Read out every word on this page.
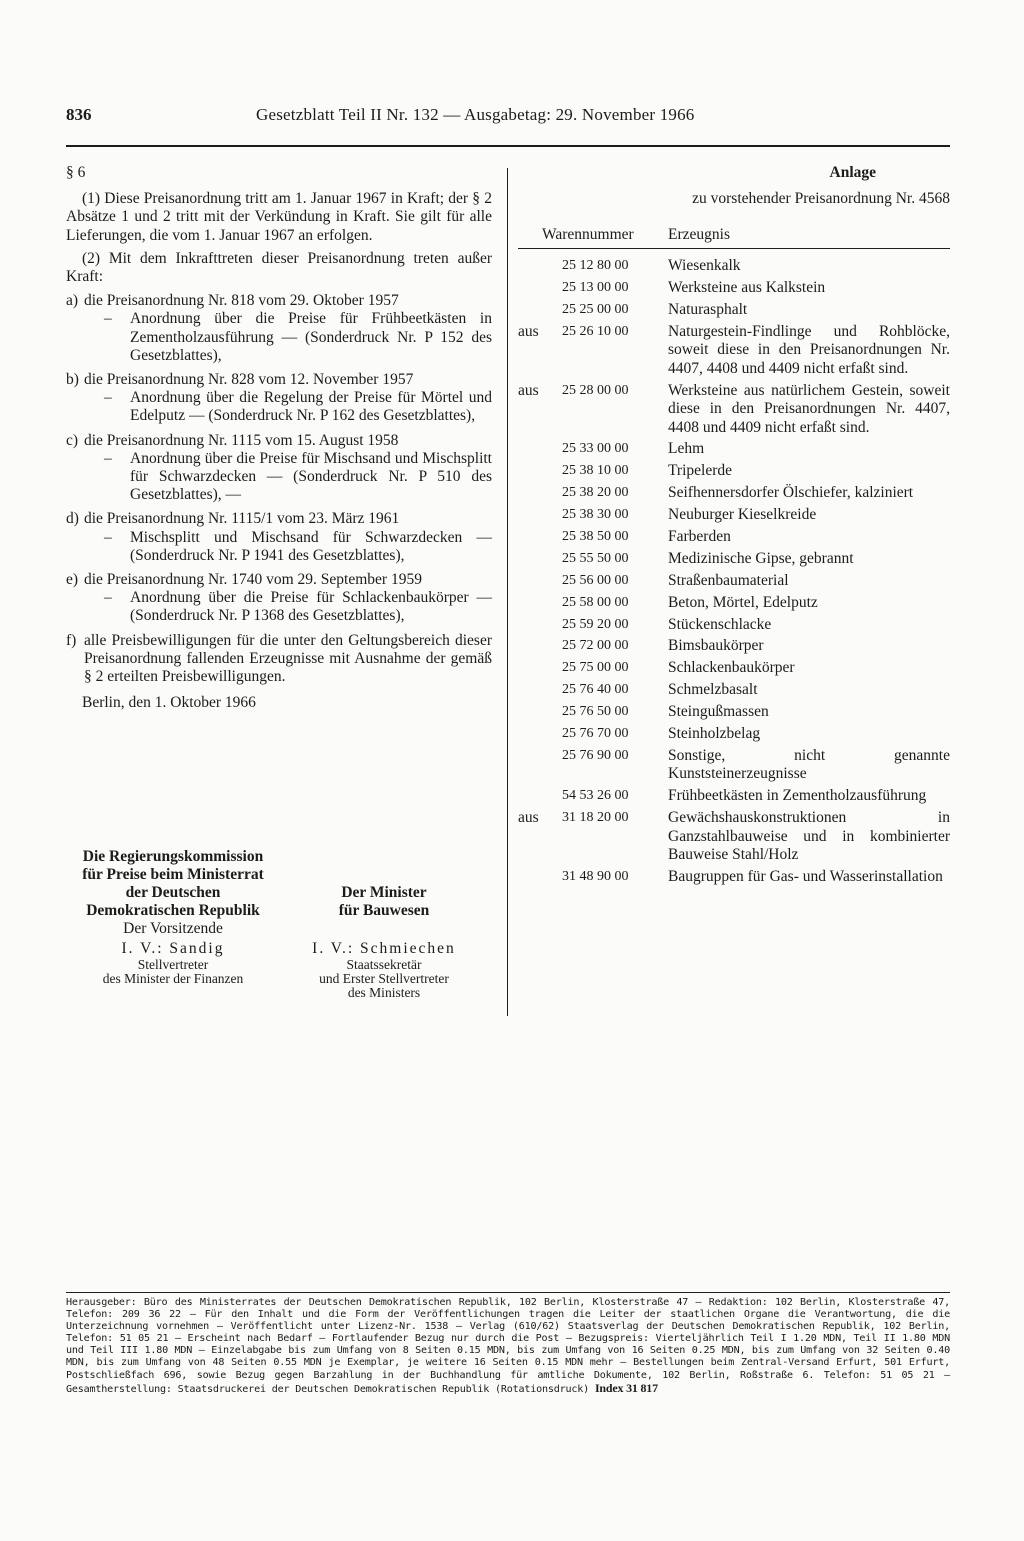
836	Gesetzblatt Teil II Nr. 132 — Ausgabetag: 29. November 1966

§ 6

(1) Diese Preisanordnung tritt am 1. Januar 1967 in Kraft; der § 2 Absätze 1 und 2 tritt mit der Verkündung in Kraft. Sie gilt für alle Lieferungen, die vom 1. Januar 1967 an erfolgen.

(2) Mit dem Inkrafttreten dieser Preisanordnung treten außer Kraft:

a) die Preisanordnung Nr. 818 vom 29. Oktober 1957
–	Anordnung über die Preise für Frühbeetkästen in Zementholzausführung — (Sonderdruck Nr. P 152 des Gesetzblattes),
b) die Preisanordnung Nr. 828 vom 12. November 1957
–	Anordnung über die Regelung der Preise für Mörtel und Edelputz — (Sonderdruck Nr. P 162 des Gesetzblattes),
c) die Preisanordnung Nr. 1115 vom 15. August 1958
–	Anordnung über die Preise für Mischsand und Mischsplitt für Schwarzdecken — (Sonderdruck Nr. P 510 des Gesetzblattes), —
d) die Preisanordnung Nr. 1115/1 vom 23. März 1961
–	Mischsplitt und Mischsand für Schwarzdecken — (Sonderdruck Nr. P 1941 des Gesetzblattes),
e) die Preisanordnung Nr. 1740 vom 29. September 1959
–	Anordnung über die Preise für Schlackenbaukörper — (Sonderdruck Nr. P 1368 des Gesetzblattes),
f) alle Preisbewilligungen für die unter den Geltungsbereich dieser Preisanordnung fallenden Erzeugnisse mit Ausnahme der gemäß § 2 erteilten Preisbewilligungen.

Berlin, den 1. Oktober 1966

Die Regierungskommission
für Preise beim Ministerrat
der Deutschen
Demokratischen Republik
Der Vorsitzende
I. V.: Sandig
Stellvertreter
des Minister der Finanzen
Der Minister
für Bauwesen
I. V.: Schmiechen
Staatssekretär
und Erster Stellvertreter
des Ministers
Anlage
zu vorstehender Preisanordnung Nr. 4568
Warennummer Erzeugnis
25 12 80 00	Wiesenkalk
25 13 00 00	Werksteine aus Kalkstein
25 25 00 00	Naturasphalt
aus	25 26 10 00	Naturgestein-Findlinge und Rohblöcke, soweit diese in den Preisanordnungen Nr. 4407, 4408 und 4409 nicht erfaßt sind.
aus	25 28 00 00	Werksteine aus natürlichem Gestein, soweit diese in den Preisanordnungen Nr. 4407, 4408 und 4409 nicht erfaßt sind.
25 33 00 00	Lehm
25 38 10 00	Tripelerde
25 38 20 00	Seifhennersdorfer Ölschiefer, kalziniert
25 38 30 00	Neuburger Kieselkreide
25 38 50 00	Farberden
25 55 50 00	Medizinische Gipse, gebrannt
25 56 00 00	Straßenbaumaterial
25 58 00 00	Beton, Mörtel, Edelputz
25 59 20 00	Stückenschlacke
25 72 00 00	Bimsbaukörper
25 75 00 00	Schlackenbaukörper
25 76 40 00	Schmelzbasalt
25 76 50 00	Steingußmassen
25 76 70 00	Steinholzbelag
25 76 90 00	Sonstige, nicht genannte Kunststeinerzeugnisse
54 53 26 00	Frühbeetkästen in Zementholzausführung
aus	31 18 20 00	Gewächshauskonstruktionen in Ganzstahlbauweise und in kombinierter Bauweise Stahl/Holz
31 48 90 00	Baugruppen für Gas- und Wasserinstallation
Herausgeber: Büro des Ministerrates der Deutschen Demokratischen Republik, 102 Berlin, Klosterstraße 47 – Redaktion: 102 Berlin, Klosterstraße 47, Telefon: 209 36 22 – Für den Inhalt und die Form der Veröffentlichungen tragen die Leiter der staatlichen Organe die Verantwortung, die die Unterzeichnung vornehmen – Veröffentlicht unter Lizenz-Nr. 1538 – Verlag (610/62) Staatsverlag der Deutschen Demokratischen Republik, 102 Berlin, Telefon: 51 05 21 – Erscheint nach Bedarf – Fortlaufender Bezug nur durch die Post – Bezugspreis: Vierteljährlich Teil I 1.20 MDN, Teil II 1.80 MDN und Teil III 1.80 MDN – Einzelabgabe bis zum Umfang von 8 Seiten 0.15 MDN, bis zum Umfang von 16 Seiten 0.25 MDN, bis zum Umfang von 32 Seiten 0.40 MDN, bis zum Umfang von 48 Seiten 0.55 MDN je Exemplar, je weitere 16 Seiten 0.15 MDN mehr – Bestellungen beim Zentral-Versand Erfurt, 501 Erfurt, Postschließfach 696, sowie Bezug gegen Barzahlung in der Buchhandlung für amtliche Dokumente, 102 Berlin, Roßstraße 6. Telefon: 51 05 21 – Gesamtherstellung: Staatsdruckerei der Deutschen Demokratischen Republik (Rotationsdruck) Index 31 817
